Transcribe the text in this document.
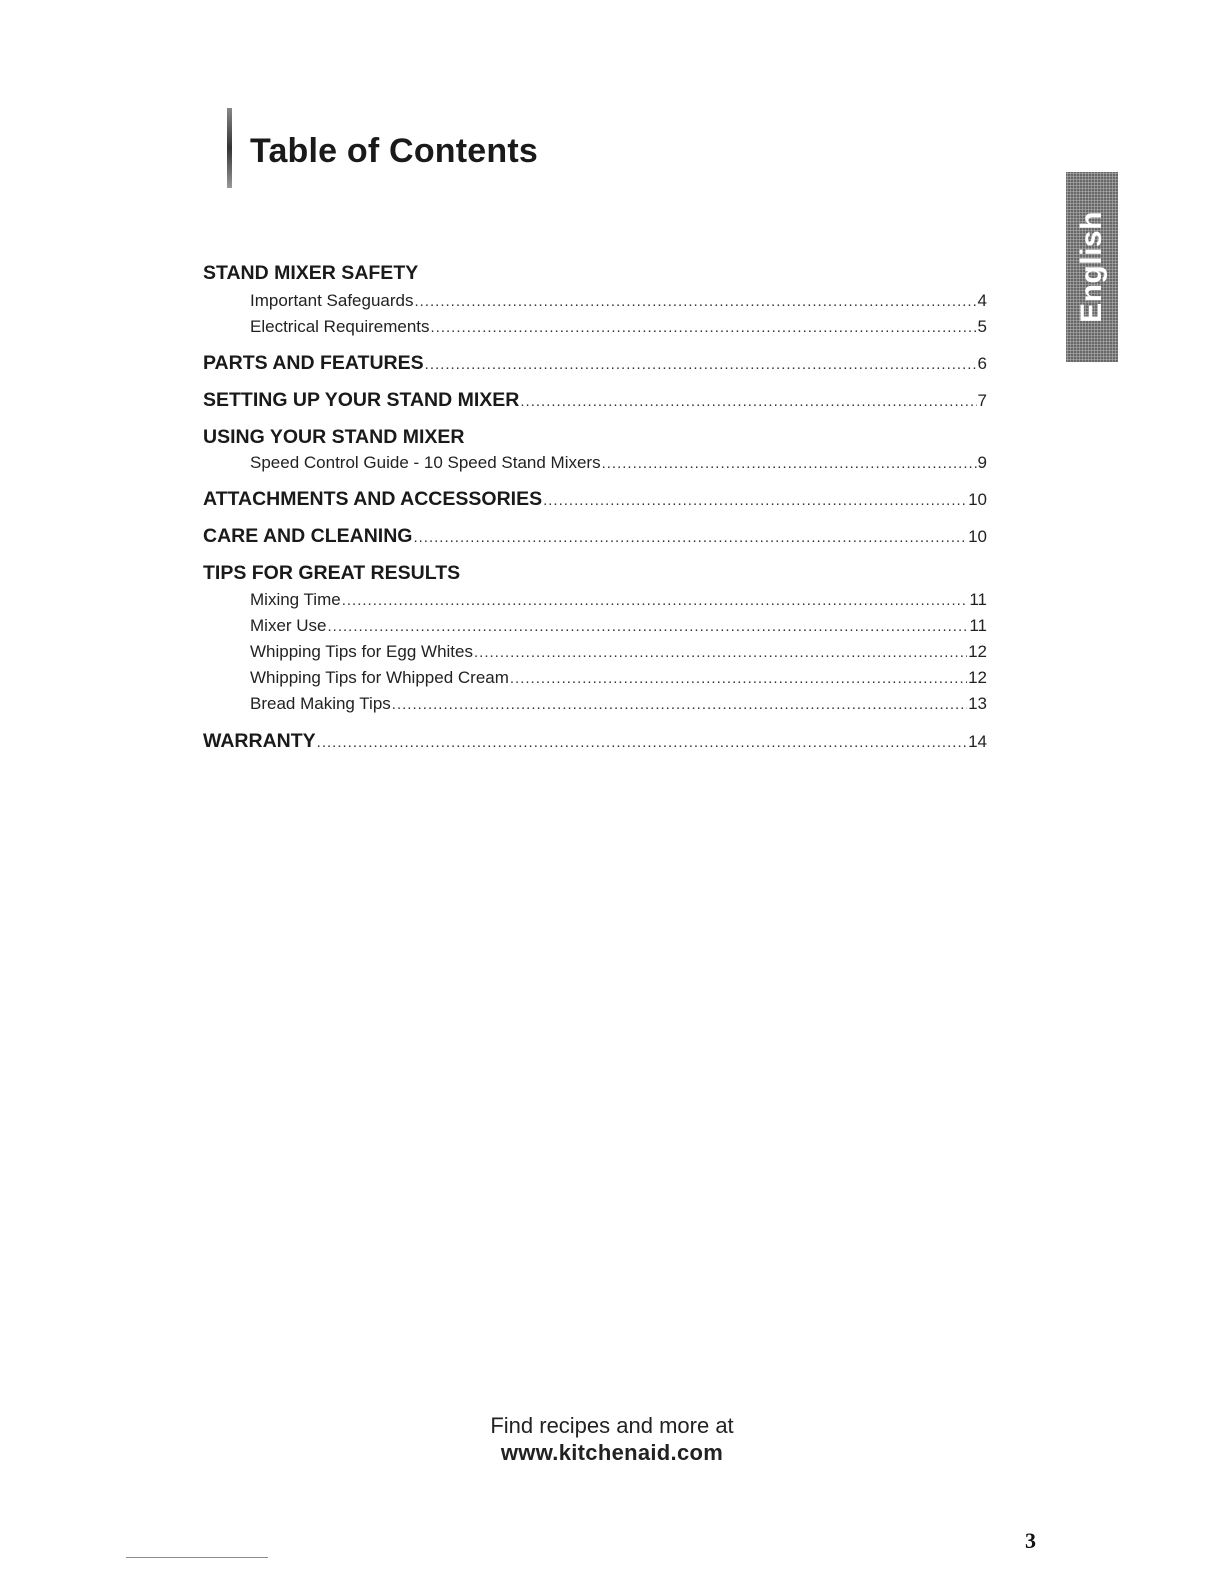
Table of Contents
English
STAND MIXER SAFETY
Important Safeguards .....	4
Electrical Requirements .....	5
PARTS AND FEATURES .....	6
SETTING UP YOUR STAND MIXER .....	7
USING YOUR STAND MIXER
Speed Control Guide - 10 Speed Stand Mixers .....	9
ATTACHMENTS AND ACCESSORIES .....	10
CARE AND CLEANING .....	10
TIPS FOR GREAT RESULTS
Mixing Time .....	11
Mixer Use .....	11
Whipping Tips for Egg Whites .....	12
Whipping Tips for Whipped Cream .....	12
Bread Making Tips .....	13
WARRANTY .....	14
Find recipes and more at
www.kitchenaid.com
3
